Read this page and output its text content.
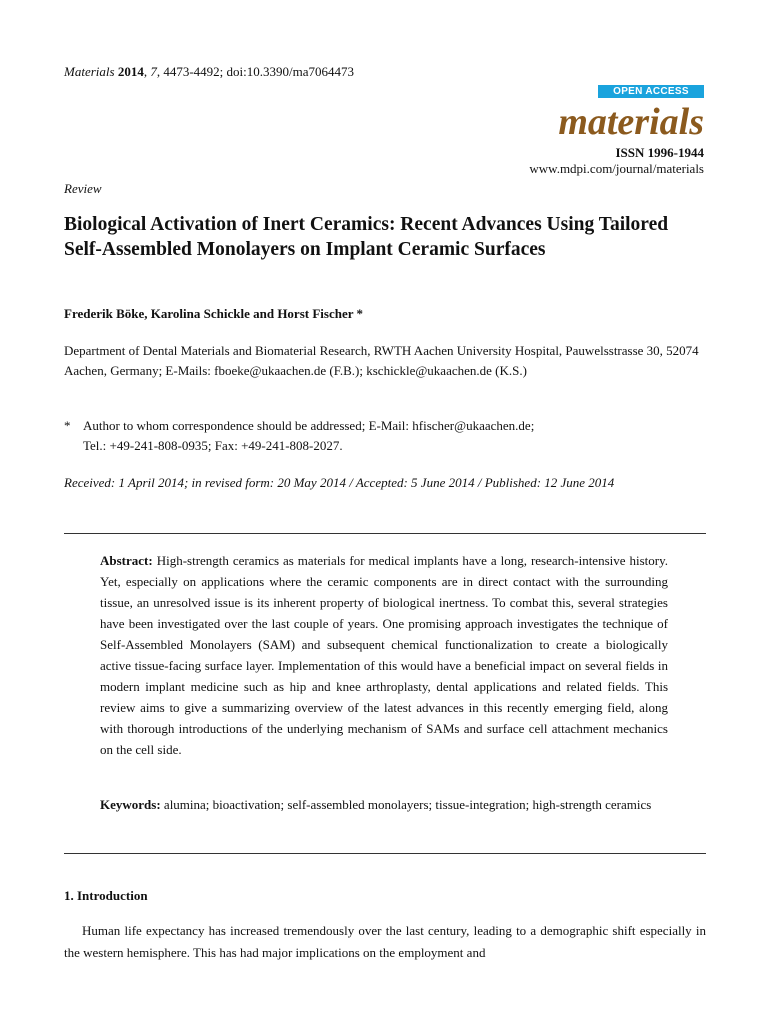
Materials 2014, 7, 4473-4492; doi:10.3390/ma7064473
OPEN ACCESS
materials
ISSN 1996-1944
www.mdpi.com/journal/materials
Review
Biological Activation of Inert Ceramics: Recent Advances Using Tailored Self-Assembled Monolayers on Implant Ceramic Surfaces
Frederik Böke, Karolina Schickle and Horst Fischer *
Department of Dental Materials and Biomaterial Research, RWTH Aachen University Hospital, Pauwelsstrasse 30, 52074 Aachen, Germany; E-Mails: fboeke@ukaachen.de (F.B.); kschickle@ukaachen.de (K.S.)
* Author to whom correspondence should be addressed; E-Mail: hfischer@ukaachen.de;
Tel.: +49-241-808-0935; Fax: +49-241-808-2027.
Received: 1 April 2014; in revised form: 20 May 2014 / Accepted: 5 June 2014 / Published: 12 June 2014
Abstract: High-strength ceramics as materials for medical implants have a long, research-intensive history. Yet, especially on applications where the ceramic components are in direct contact with the surrounding tissue, an unresolved issue is its inherent property of biological inertness. To combat this, several strategies have been investigated over the last couple of years. One promising approach investigates the technique of Self-Assembled Monolayers (SAM) and subsequent chemical functionalization to create a biologically active tissue-facing surface layer. Implementation of this would have a beneficial impact on several fields in modern implant medicine such as hip and knee arthroplasty, dental applications and related fields. This review aims to give a summarizing overview of the latest advances in this recently emerging field, along with thorough introductions of the underlying mechanism of SAMs and surface cell attachment mechanics on the cell side.
Keywords: alumina; bioactivation; self-assembled monolayers; tissue-integration; high-strength ceramics
1. Introduction
Human life expectancy has increased tremendously over the last century, leading to a demographic shift especially in the western hemisphere. This has had major implications on the employment and
